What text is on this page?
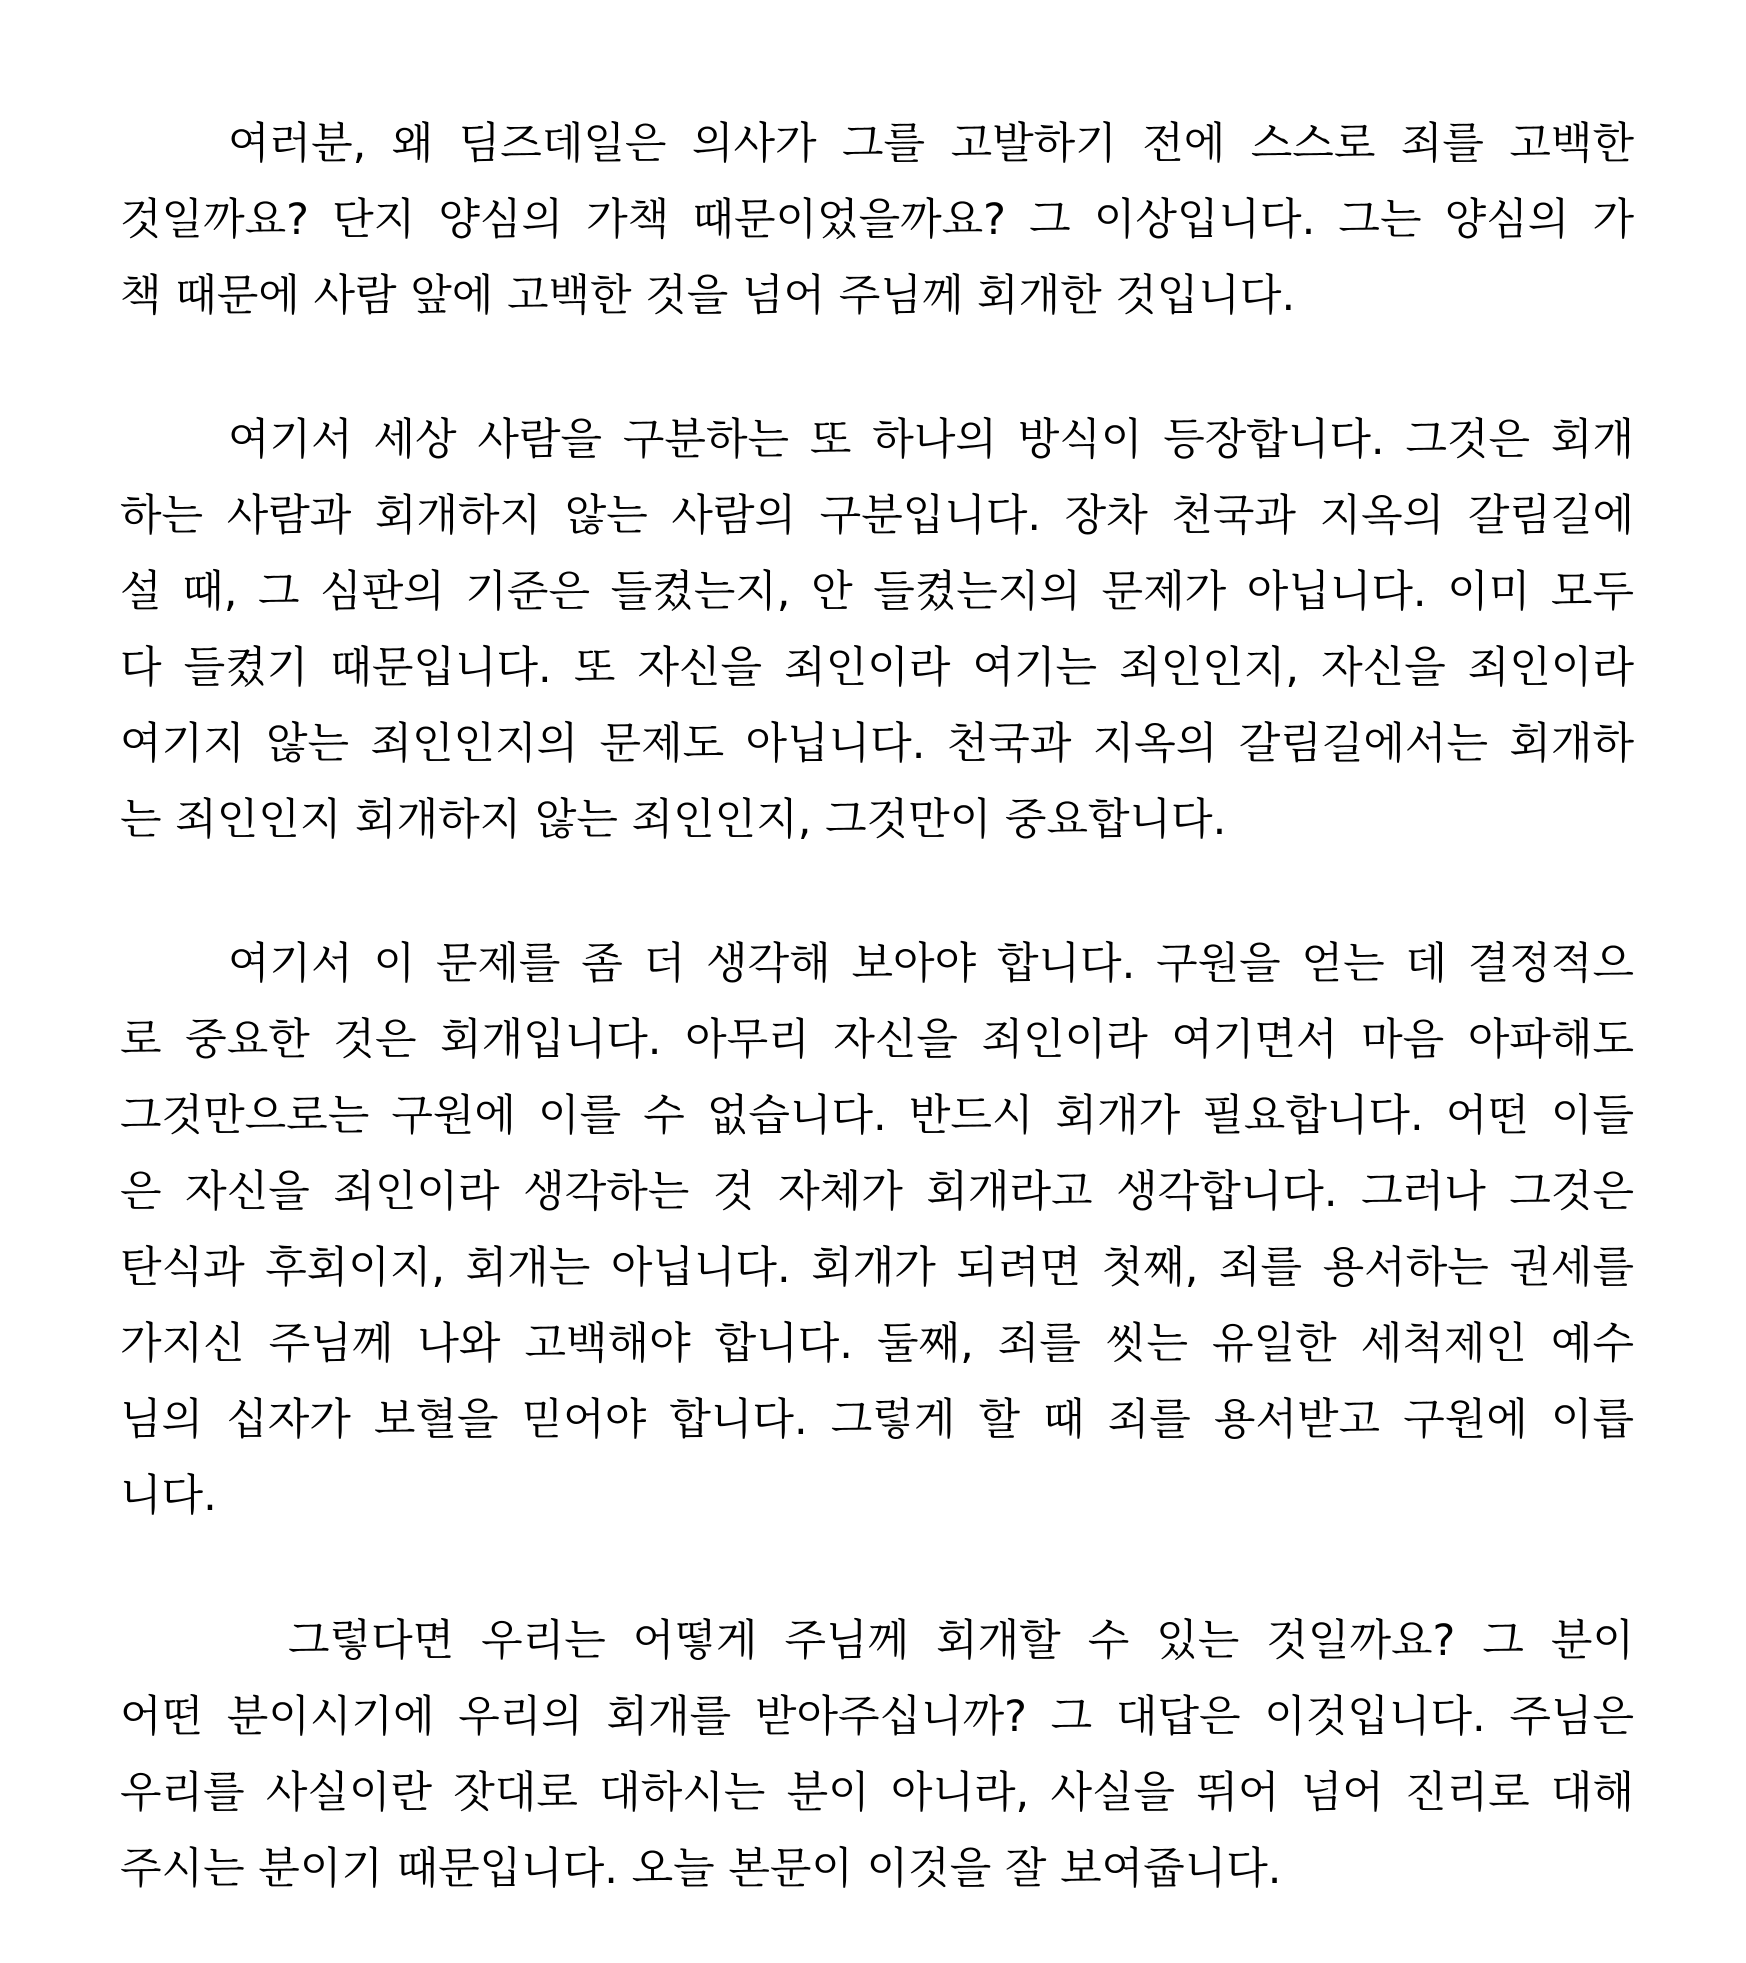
여러분, 왜 딤즈데일은 의사가 그를 고발하기 전에 스스로 죄를 고백한
것일까요? 단지 양심의 가책 때문이었을까요? 그 이상입니다. 그는 양심의 가
책 때문에 사람 앞에 고백한 것을 넘어 주님께 회개한 것입니다.
여기서 세상 사람을 구분하는 또 하나의 방식이 등장합니다. 그것은 회개
하는 사람과 회개하지 않는 사람의 구분입니다. 장차 천국과 지옥의 갈림길에
설 때, 그 심판의 기준은 들켰는지, 안 들켰는지의 문제가 아닙니다. 이미 모두
다 들켰기 때문입니다. 또 자신을 죄인이라 여기는 죄인인지, 자신을 죄인이라
여기지 않는 죄인인지의 문제도 아닙니다. 천국과 지옥의 갈림길에서는 회개하
는 죄인인지 회개하지 않는 죄인인지, 그것만이 중요합니다.
여기서 이 문제를 좀 더 생각해 보아야 합니다. 구원을 얻는 데 결정적으
로 중요한 것은 회개입니다. 아무리 자신을 죄인이라 여기면서 마음 아파해도
그것만으로는 구원에 이를 수 없습니다. 반드시 회개가 필요합니다. 어떤 이들
은 자신을 죄인이라 생각하는 것 자체가 회개라고 생각합니다. 그러나 그것은
탄식과 후회이지, 회개는 아닙니다. 회개가 되려면 첫째, 죄를 용서하는 권세를
가지신 주님께 나와 고백해야 합니다. 둘째, 죄를 씻는 유일한 세척제인 예수
님의 십자가 보혈을 믿어야 합니다. 그렇게 할 때 죄를 용서받고 구원에 이릅
니다.
그렇다면 우리는 어떻게 주님께 회개할 수 있는 것일까요? 그 분이
어떤 분이시기에 우리의 회개를 받아주십니까? 그 대답은 이것입니다. 주님은
우리를 사실이란 잣대로 대하시는 분이 아니라, 사실을 뛰어 넘어 진리로 대해
주시는 분이기 때문입니다. 오늘 본문이 이것을 잘 보여줍니다.
